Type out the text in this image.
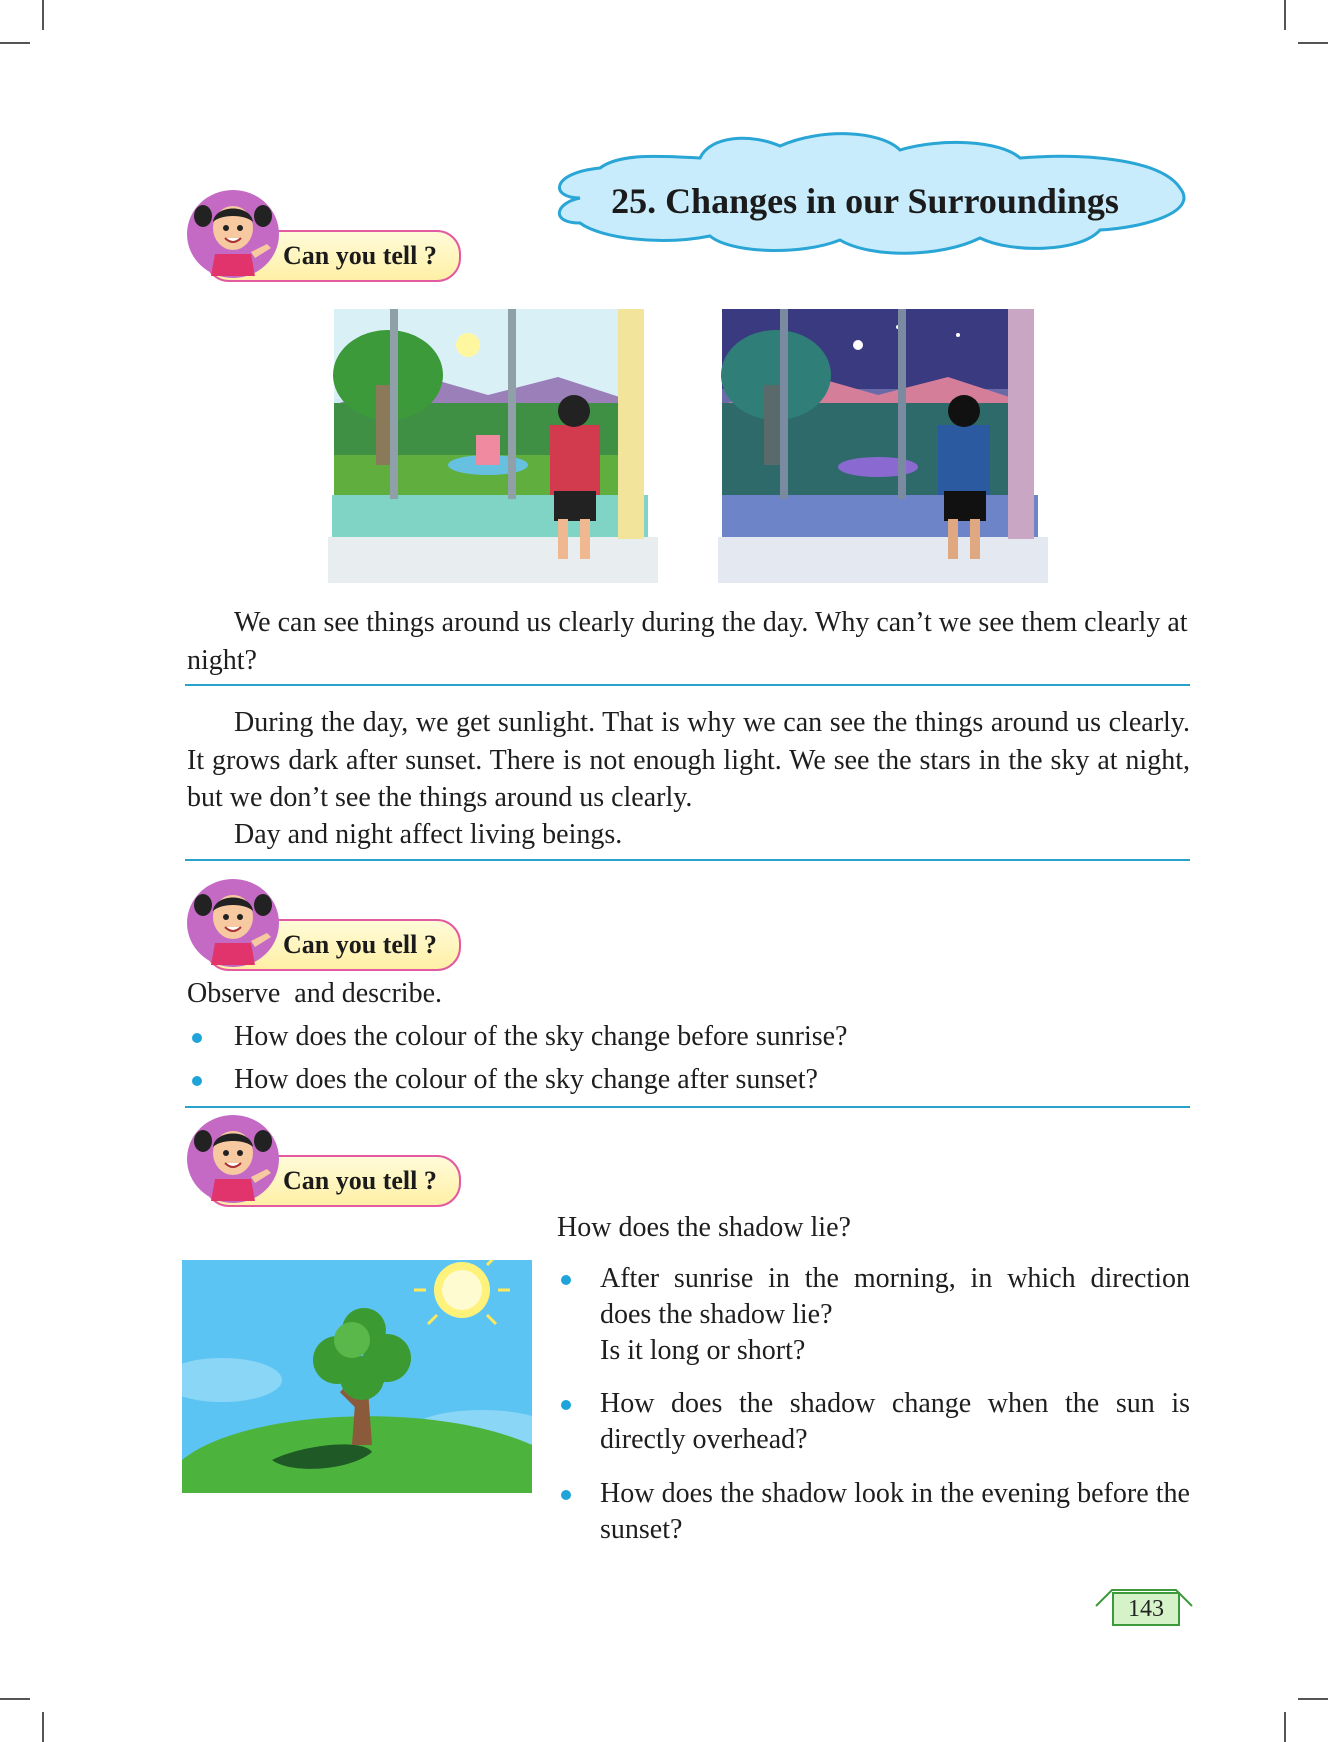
25. Changes in our Surroundings
Can you tell ?
We can see things around us clearly during the day. Why can’t we see them clearly at night?
During the day, we get sunlight. That is why we can see the things around us clearly. It grows dark after sunset. There is not enough light. We see the stars in the sky at night, but we don’t see the things around us clearly.
Day and night affect living beings.
Can you tell ?
Observe  and describe.
How does the colour of the sky change before sunrise?
How does the colour of the sky change after sunset?
Can you tell ?
How does the shadow lie?
After sunrise in the morning, in which direction does the shadow lie?
Is it long or short?
How does the shadow change when the sun is directly overhead?
How does the shadow look in the evening before the sunset?
143
